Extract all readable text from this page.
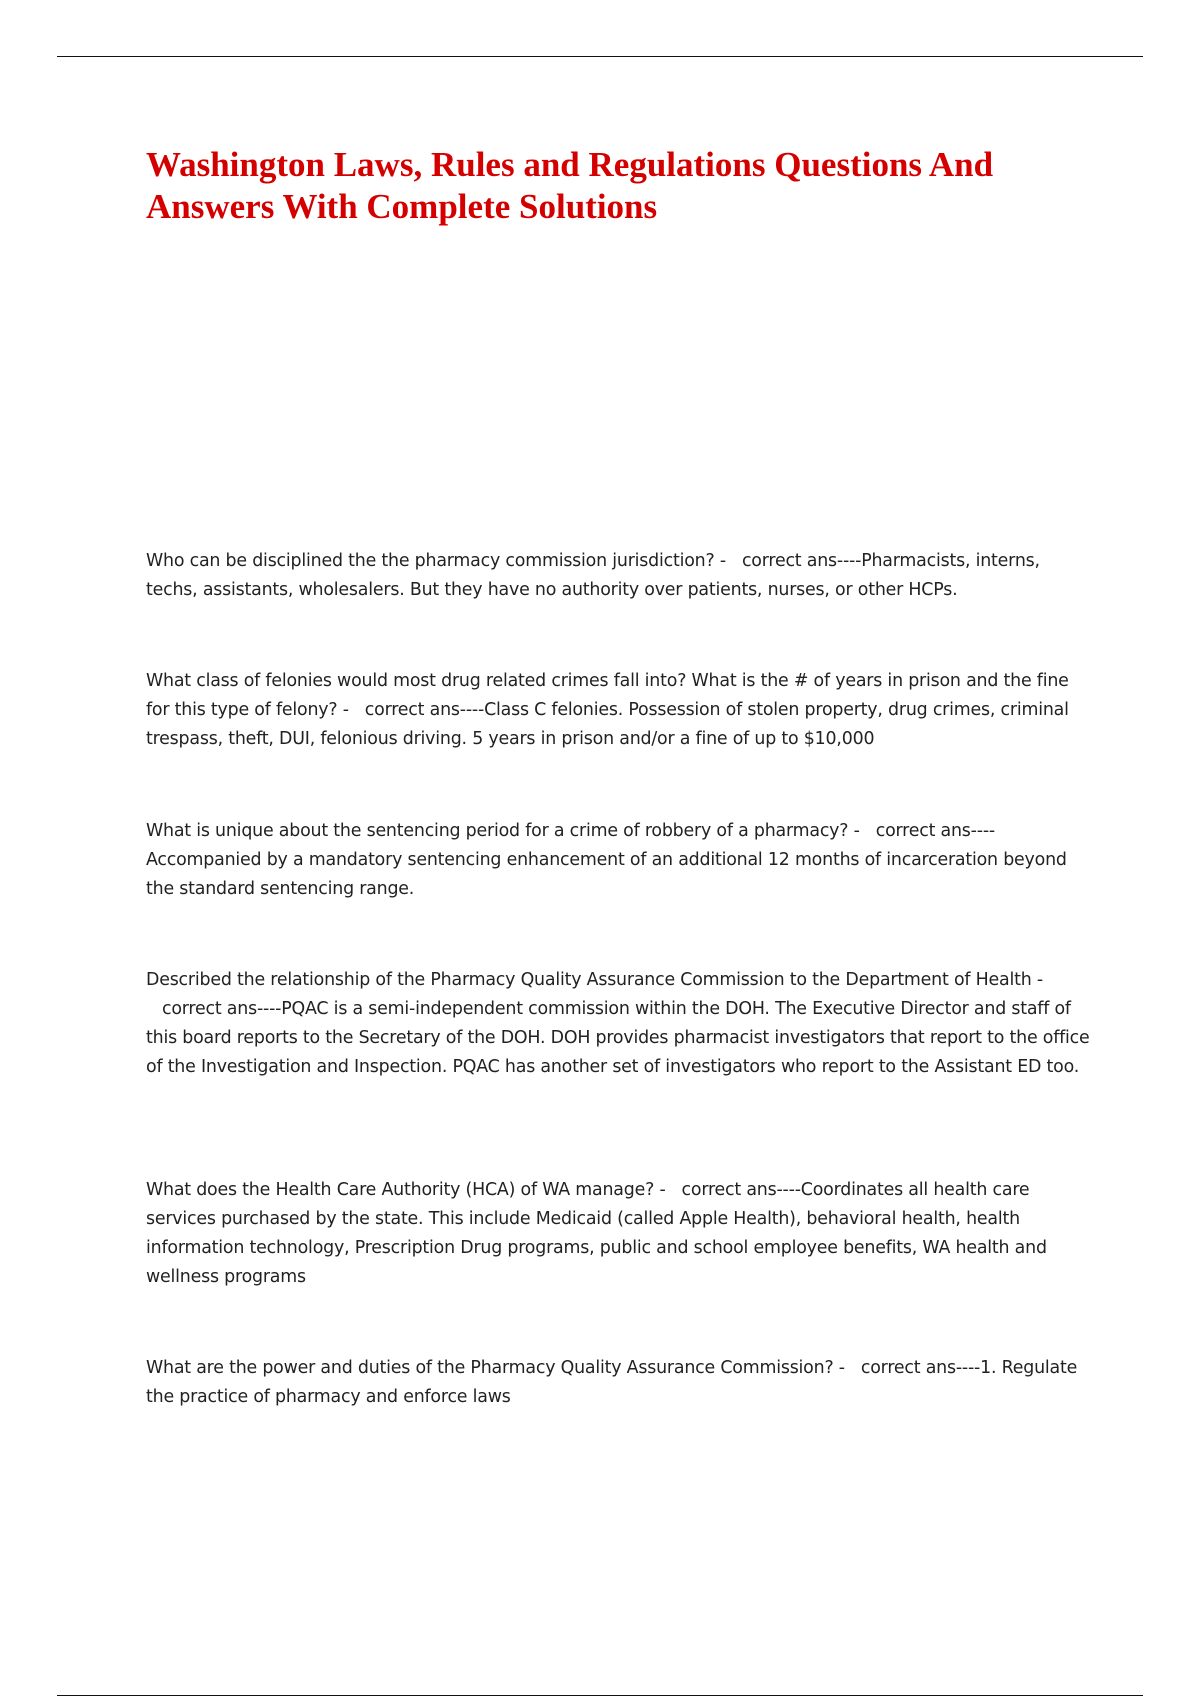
Washington Laws, Rules and Regulations Questions And Answers With Complete Solutions

Who can be disciplined the the pharmacy commission jurisdiction? - correct ans----Pharmacists, interns, techs, assistants, wholesalers. But they have no authority over patients, nurses, or other HCPs.

What class of felonies would most drug related crimes fall into? What is the # of years in prison and the fine for this type of felony? - correct ans----Class C felonies. Possession of stolen property, drug crimes, criminal trespass, theft, DUI, felonious driving. 5 years in prison and/or a fine of up to $10,000

What is unique about the sentencing period for a crime of robbery of a pharmacy? - correct ans----Accompanied by a mandatory sentencing enhancement of an additional 12 months of incarceration beyond the standard sentencing range.

Described the relationship of the Pharmacy Quality Assurance Commission to the Department of Health -   correct ans----PQAC is a semi-independent commission within the DOH. The Executive Director and staff of this board reports to the Secretary of the DOH. DOH provides pharmacist investigators that report to the office of the Investigation and Inspection. PQAC has another set of investigators who report to the Assistant ED too.

What does the Health Care Authority (HCA) of WA manage? - correct ans----Coordinates all health care services purchased by the state. This include Medicaid (called Apple Health), behavioral health, health information technology, Prescription Drug programs, public and school employee benefits, WA health and wellness programs

What are the power and duties of the Pharmacy Quality Assurance Commission? - correct ans----1. Regulate the practice of pharmacy and enforce laws
